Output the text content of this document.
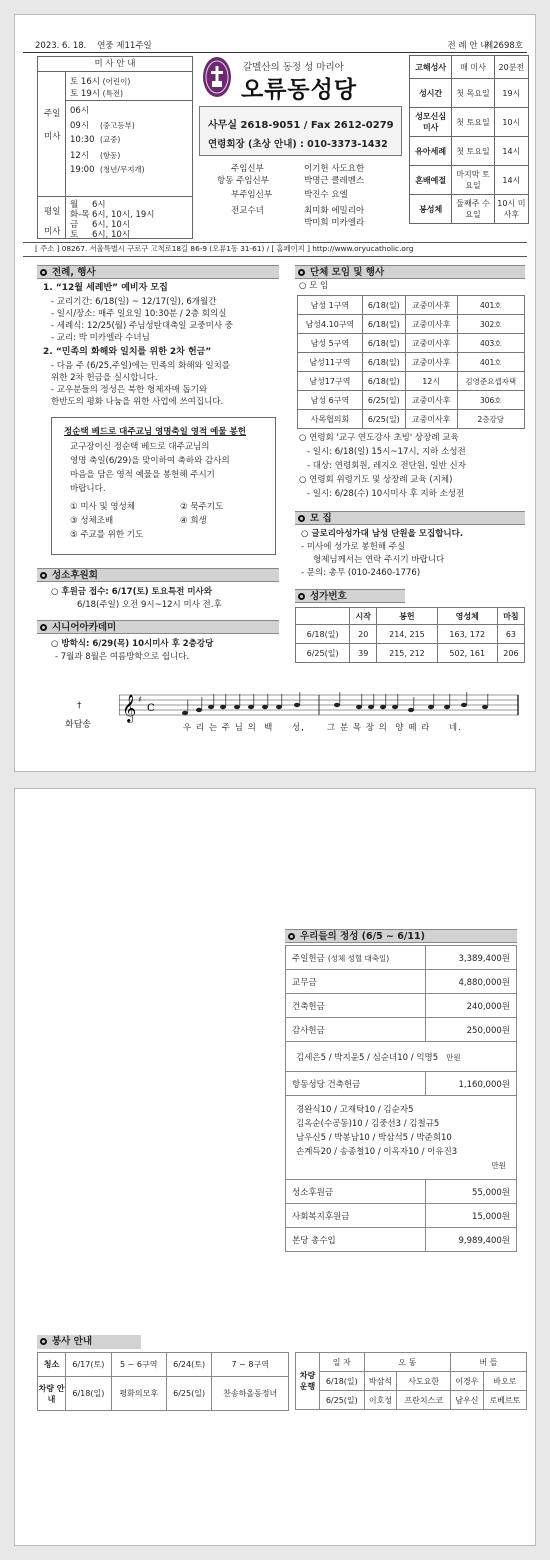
2023. 6. 18. 연중 제11주일	제2698호
미 사 안 내
주일
미사
토 16시 (어린이)
토 19시 (특전)
06시
09시 (중고등부)
10:30 (교중)
12시 (항동)
19:00 (청년/무지개)
평일
미사
월 6시
화-목 6시, 10시, 19시
금 6시, 10시
토 6시, 10시
갈멜산의 동정 성 마리아
오류동성당
사무실 2618-9051 / Fax 2612-0279
연령회장 (초상 안내) : 010-3373-1432
주임신부	이기헌 사도요한
항동 주임신부	박명근 클레멘스
부주임신부	박진수 요엘
전교수녀	최미화 에밀리아
박미희 미카엘라
전 례 안 내
고해성사	매 미사	20분전
성시간	첫 목요일	19시
성모신심 미사	첫 토요일	10시
유아세례	첫 토요일	14시
혼배예절	마지막 토요일	14시
봉성체	둘째주 수요일	10시 미사후
[ 주소 ] 08267. 서울특별시 구로구 고척로18길 86-9 (오류1동 31-61) / [ 홈페이지 ] http://www.oryucatholic.org
전례, 행사
1. “12월 세례반” 예비자 모집
- 교리기간: 6/18(일) ~ 12/17(일), 6개월간
- 일시/장소: 매주 일요일 10:30분 / 2층 회의실
- 세례식: 12/25(월) 주님성탄대축일 교중미사 중
- 교리: 박 미카엘라 수녀님
2. “민족의 화해와 일치를 위한 2차 헌금”
- 다음 주 (6/25,주일)에는 민족의 화해와 일치를
위한 2차 헌금을 실시합니다.
- 교우분들의 정성은 북한 형제자매 돕기와
한반도의 평화 나눔을 위한 사업에 쓰여집니다.
정순택 베드로 대주교님 영명축일 영적 예물 봉헌
교구장이신 정순택 베드로 대주교님의
영명 축일(6/29)을 맞이하여 축하와 감사의
마음을 담은 영적 예물을 봉헌해 주시기
바랍니다.
① 미사 및 영성체	② 묵주기도
③ 성체조배	④ 희생
⑤ 주교를 위한 기도
성소후원회
○ 후원금 접수: 6/17(토) 토요특전 미사와
6/18(주일) 오전 9시~12시 미사 전.후
시니어아카데미
○ 방학식: 6/29(목) 10시미사 후 2층강당
- 7월과 8월은 여름방학으로 쉽니다.
단체 모임 및 행사
○ 모 임
남성 1구역	6/18(일)	교중미사후	401호
남성4.10구역	6/18(일)	교중미사후	302호
남성 5구역	6/18(일)	교중미사후	403호
남성11구역	6/18(일)	교중미사후	401호
남성17구역	6/18(일)	12시	김영준요셉자택
남성 6구역	6/25(일)	교중미사후	306호
사목협의회	6/25(일)	교중미사후	2층강당
○ 연령회 '교구 연도강사 초빙' 상장례 교육
- 일시: 6/18(일) 15시~17시, 지하 소성전
- 대상: 연령회원, 레지오 전단원, 일반 신자
○ 연령회 위령기도 및 상장례 교육 (지체)
- 일시: 6/28(수) 10시미사 후 지하 소성전
모 집
○ 글로리아성가대 남성 단원을 모집합니다.
- 미사에 성가로 봉헌해 주실
형제님께서는 연락 주시기 바랍니다
- 문의: 총무 (010-2460-1776)
성가번호
	시작	봉헌	영성체	마침
6/18(일)	20	214, 215	163, 172	63
6/25(일)	39	215, 212	502, 161	206
†
화답송
𝄞 ♯
C
우 리 는 주 님 의  백     성,      그 분 목 장 의  양 떼 라     네.
우리들의 정성 (6/5 ~ 6/11)
주일헌금 (성체 성혈 대축일)	3,389,400원
교무금	4,880,000원
건축헌금	240,000원
감사헌금	250,000원
김세은5 / 박지윤5 / 심순녀10 / 익명5 만원	
항동성당 건축헌금	1,160,000원

경완식10 / 고재탁10 / 김순자5
김옥순(수공동)10 / 김중선3 / 김철규5
남우신5 / 박봉남10 / 박삼석5 / 박준희10
손계득20 / 송종철10 / 이옥자10 / 이유진3
만원	

성소후원금	55,000원
사회복지후원금	15,000원
본당 총수입	9,989,400원
봉사 안내
청소	6/17(토)	5 ~ 6구역	6/24(토)	7 ~ 8구역
차량 안내	6/18(일)	평화의모후	6/25(일)	찬송하올동정녀
차량 운행	일 자	오 동		버 들	
	6/18(일)	박삼석	사도요한	이경우	바오로
	6/25(일)	이호성	프란치스코	남우신	로베르토
